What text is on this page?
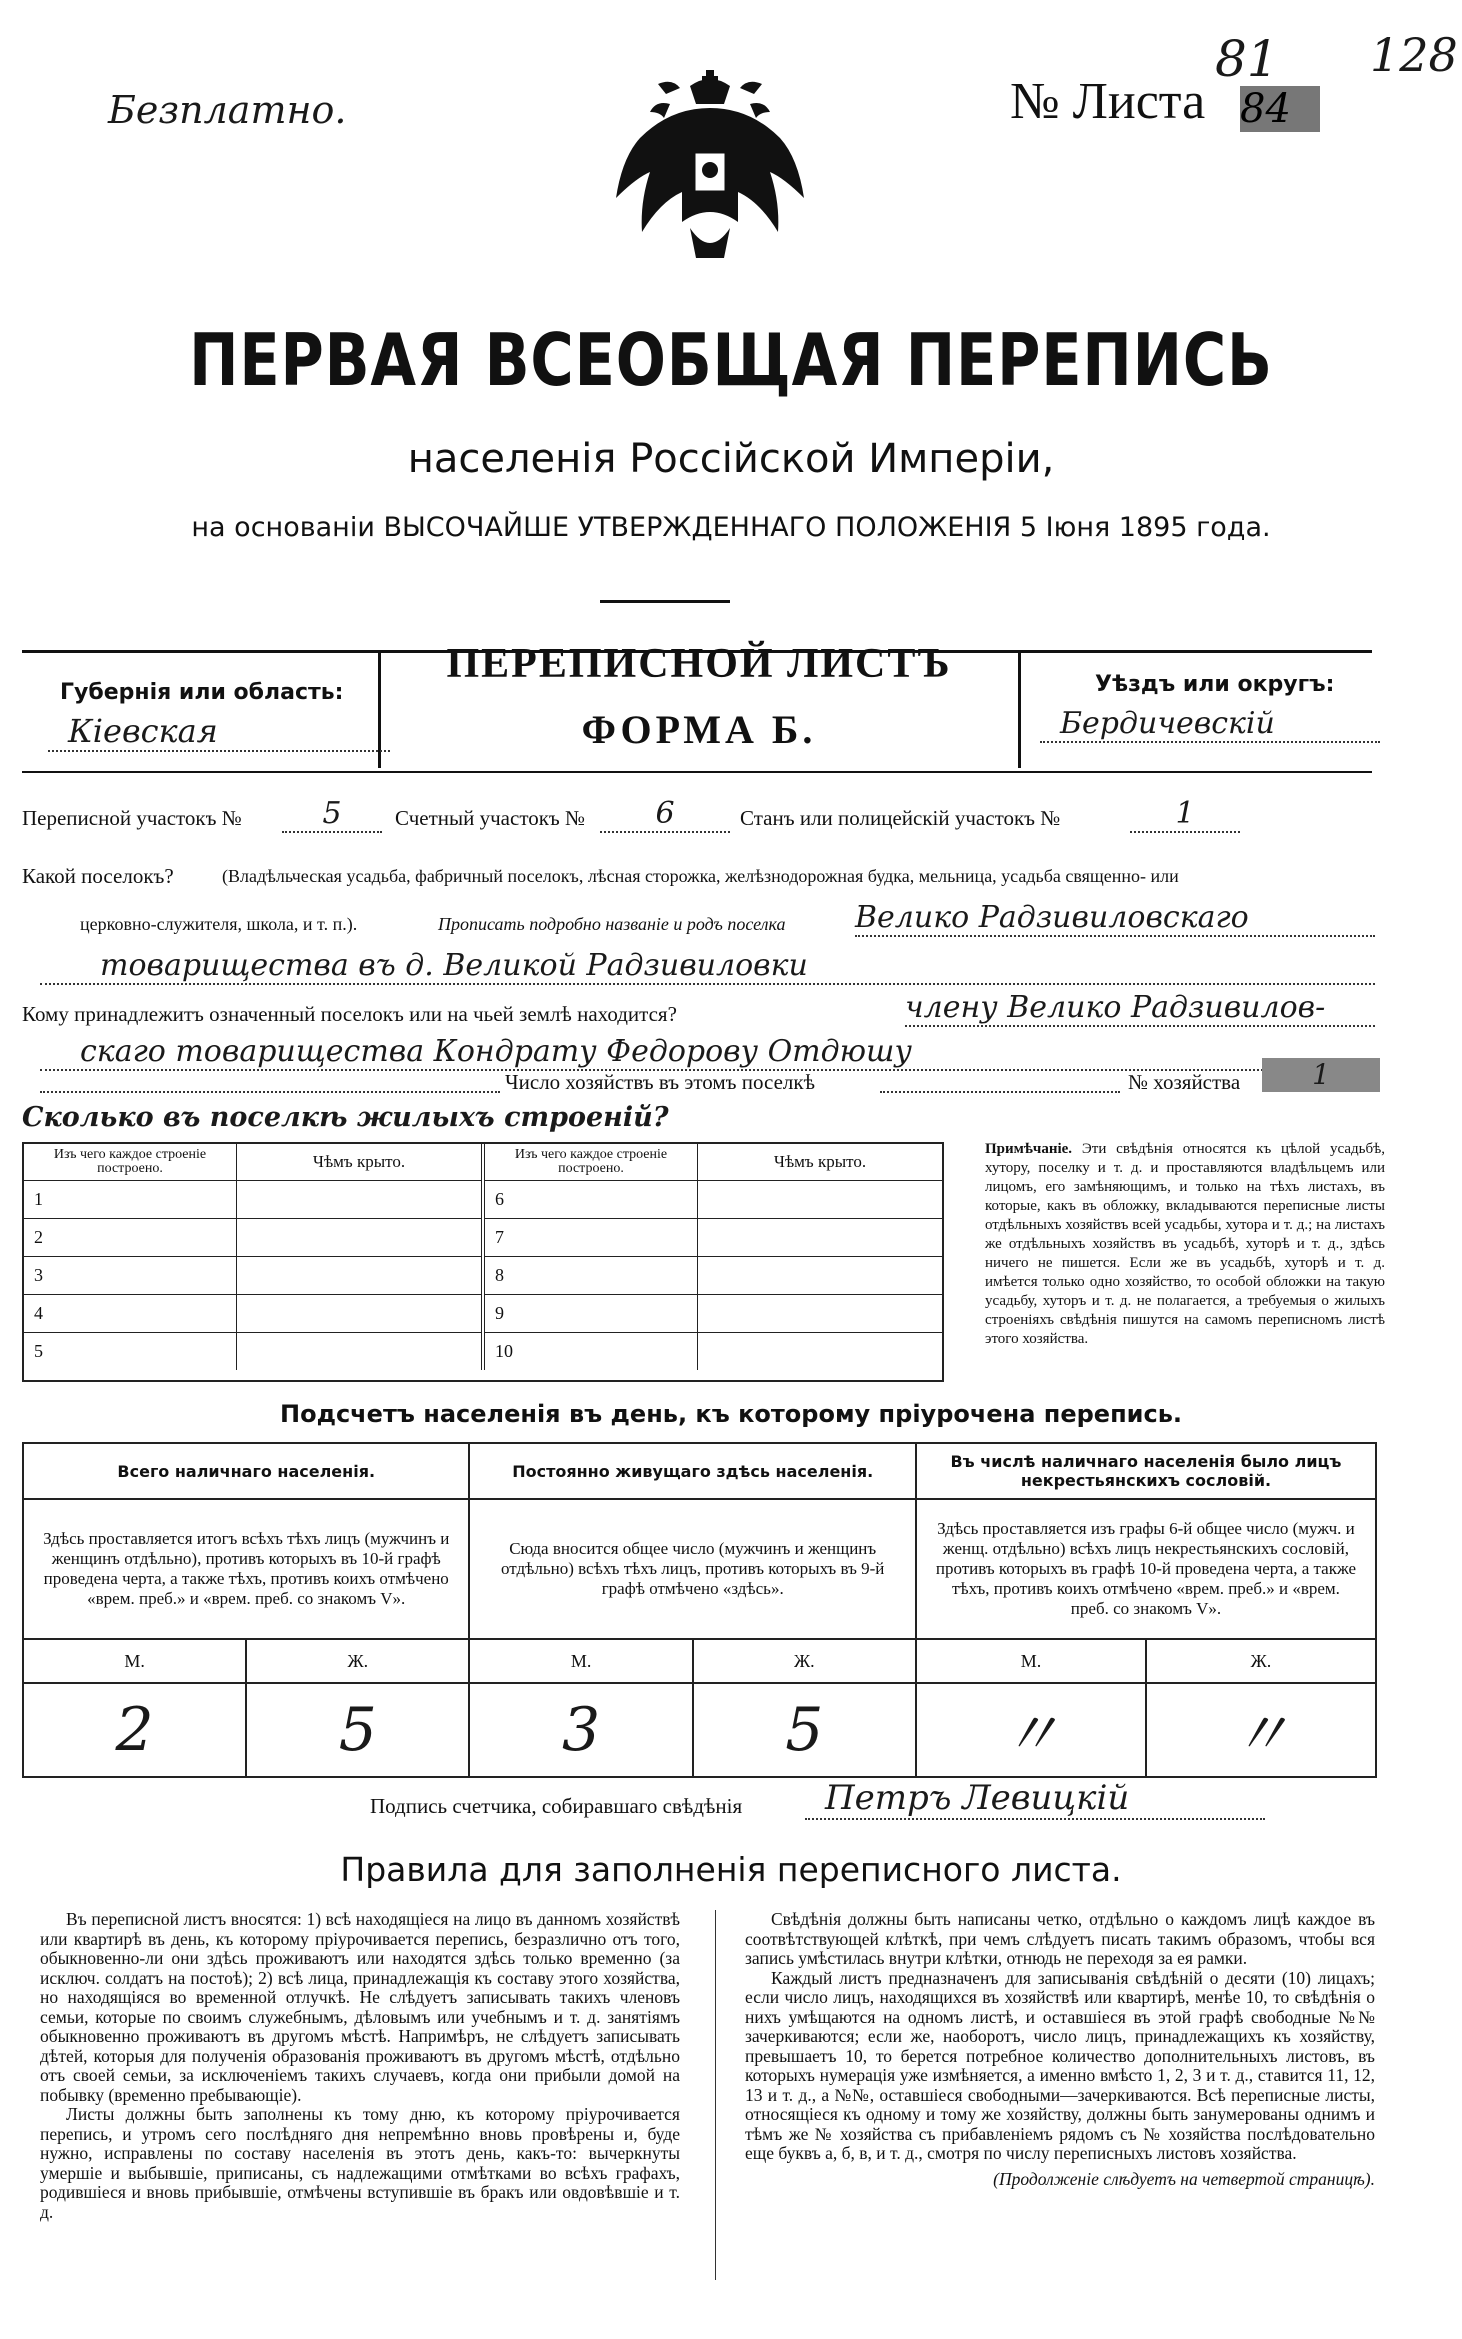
Безплатно.	№ Листа 84
81 128
ПЕРВАЯ ВСЕОБЩАЯ ПЕРЕПИСЬ
населенія Россійской Имперіи,
на основаніи ВЫСОЧАЙШЕ УТВЕРЖДЕННАГО ПОЛОЖЕНІЯ 5 Іюня 1895 года.
Губернія или область:
Кіевская
ПЕРЕПИСНОЙ ЛИСТЪ
ФОРМА Б.
Уѣздъ или округъ:
Бердичевскій
Переписной участокъ №	5	Счетный участокъ №	6	Станъ или полицейскій участокъ №	1
Какой поселокъ?	(Владѣльческая усадьба, фабричный поселокъ, лѣсная сторожка, желѣзнодорожная будка, мельница, усадьба священно- или
церковно-служителя, школа, и т. п.).	Прописать подробно названіе и родъ поселка Велико Радзивиловскаго
товарищества въ д. Великой Радзивиловки
Кому принадлежитъ означенный поселокъ или на чьей землѣ находится?	члену Велико Радзивилов-
скаго товарищества Кондрату Федорову Отдюшу
Число хозяйствъ въ этомъ поселкѣ	№ хозяйства	1
Сколько въ поселкѣ жилыхъ строеній?
Изъ чего каждое строеніе построено.	Чѣмъ крыто.
1	
2	
3	
4	
5	
Изъ чего каждое строеніе построено.	Чѣмъ крыто.
6	
7	
8	
9	
10	
Примѣчаніе. Эти свѣдѣнія относятся къ цѣлой усадьбѣ, хутору, поселку и т. д. и проставляются владѣльцемъ или лицомъ, его замѣняющимъ, и только на тѣхъ листахъ, въ которые, какъ въ обложку, вкладываются переписные листы отдѣльныхъ хозяйствъ всей усадьбы, хутора и т. д.; на листахъ же отдѣльныхъ хозяйствъ въ усадьбѣ, хуторѣ и т. д., здѣсь ничего не пишется. Если же въ усадьбѣ, хуторѣ и т. д. имѣется только одно хозяйство, то особой обложки на такую усадьбу, хуторъ и т. д. не полагается, а требуемыя о жилыхъ строеніяхъ свѣдѣнія пишутся на самомъ переписномъ листѣ этого хозяйства.
Подсчетъ населенія въ день, къ которому пріурочена перепись.
Всего наличнаго населенія.		Постоянно живущаго здѣсь населенія.		Въ числѣ наличнаго населенія было лицъ некрестьянскихъ сословій.	
Здѣсь проставляется итогъ всѣхъ тѣхъ лицъ (мужчинъ и женщинъ отдѣльно), противъ которыхъ въ 10-й графѣ проведена черта, а также тѣхъ, противъ коихъ отмѣчено «врем. преб.» и «врем. преб. со знакомъ V».		Сюда вносится общее число (мужчинъ и женщинъ отдѣльно) всѣхъ тѣхъ лицъ, противъ которыхъ въ 9-й графѣ отмѣчено «здѣсь».		Здѣсь проставляется изъ графы 6-й общее число (мужч. и женщ. отдѣльно) всѣхъ лицъ некрестьянскихъ сословій, противъ которыхъ въ графѣ 10-й проведена черта, а также тѣхъ, противъ коихъ отмѣчено «врем. преб.» и «врем. преб. со знакомъ V».	
М.	Ж.	М.	Ж.	М.	Ж.
2	5	3	5	〃	〃
Подпись счетчика, собиравшаго свѣдѣнія	Петръ Левицкій
Правила для заполненія переписного листа.

Въ переписной листъ вносятся: 1) всѣ находящіеся на лицо въ данномъ хозяйствѣ или квартирѣ въ день, къ которому пріурочивается перепись, безразлично отъ того, обыкновенно-ли они здѣсь проживаютъ или находятся здѣсь только временно (за исключ. солдатъ на постоѣ); 2) всѣ лица, принадлежащія къ составу этого хозяйства, но находящіяся во временной отлучкѣ. Не слѣдуетъ записывать такихъ членовъ семьи, которые по своимъ служебнымъ, дѣловымъ или учебнымъ и т. д. занятіямъ обыкновенно проживаютъ въ другомъ мѣстѣ. Напримѣръ, не слѣдуетъ записывать дѣтей, которыя для полученія образованія проживаютъ въ другомъ мѣстѣ, отдѣльно отъ своей семьи, за исключеніемъ такихъ случаевъ, когда они прибыли домой на побывку (временно пребывающіе).

Листы должны быть заполнены къ тому дню, къ которому пріурочивается перепись, и утромъ сего послѣдняго дня непремѣнно вновь провѣрены и, буде нужно, исправлены по составу населенія въ этотъ день, какъ-то: вычеркнуты умершіе и выбывшіе, приписаны, съ надлежащими отмѣтками во всѣхъ графахъ, родившіеся и вновь прибывшіе, отмѣчены вступившіе въ бракъ или овдовѣвшіе и т. д.

Свѣдѣнія должны быть написаны четко, отдѣльно о каждомъ лицѣ каждое въ соотвѣтствующей клѣткѣ, при чемъ слѣдуетъ писать такимъ образомъ, чтобы вся запись умѣстилась внутри клѣтки, отнюдь не переходя за ея рамки.

Каждый листъ предназначенъ для записыванія свѣдѣній о десяти (10) лицахъ; если число лицъ, находящихся въ хозяйствѣ или квартирѣ, менѣе 10, то свѣдѣнія о нихъ умѣщаются на одномъ листѣ, и оставшіеся въ этой графѣ свободные №№ зачеркиваются; если же, наоборотъ, число лицъ, принадлежащихъ къ хозяйству, превышаетъ 10, то берется потребное количество дополнительныхъ листовъ, въ которыхъ нумерація уже измѣняется, а именно вмѣсто 1, 2, 3 и т. д., ставится 11, 12, 13 и т. д., а №№, оставшіеся свободными—зачеркиваются. Всѣ переписные листы, относящіеся къ одному и тому же хозяйству, должны быть занумерованы однимъ и тѣмъ же № хозяйства съ прибавленіемъ рядомъ съ № хозяйства послѣдовательно еще буквъ а, б, в, и т. д., смотря по числу переписныхъ листовъ хозяйства.

(Продолженіе слѣдуетъ на четвертой страницѣ).
